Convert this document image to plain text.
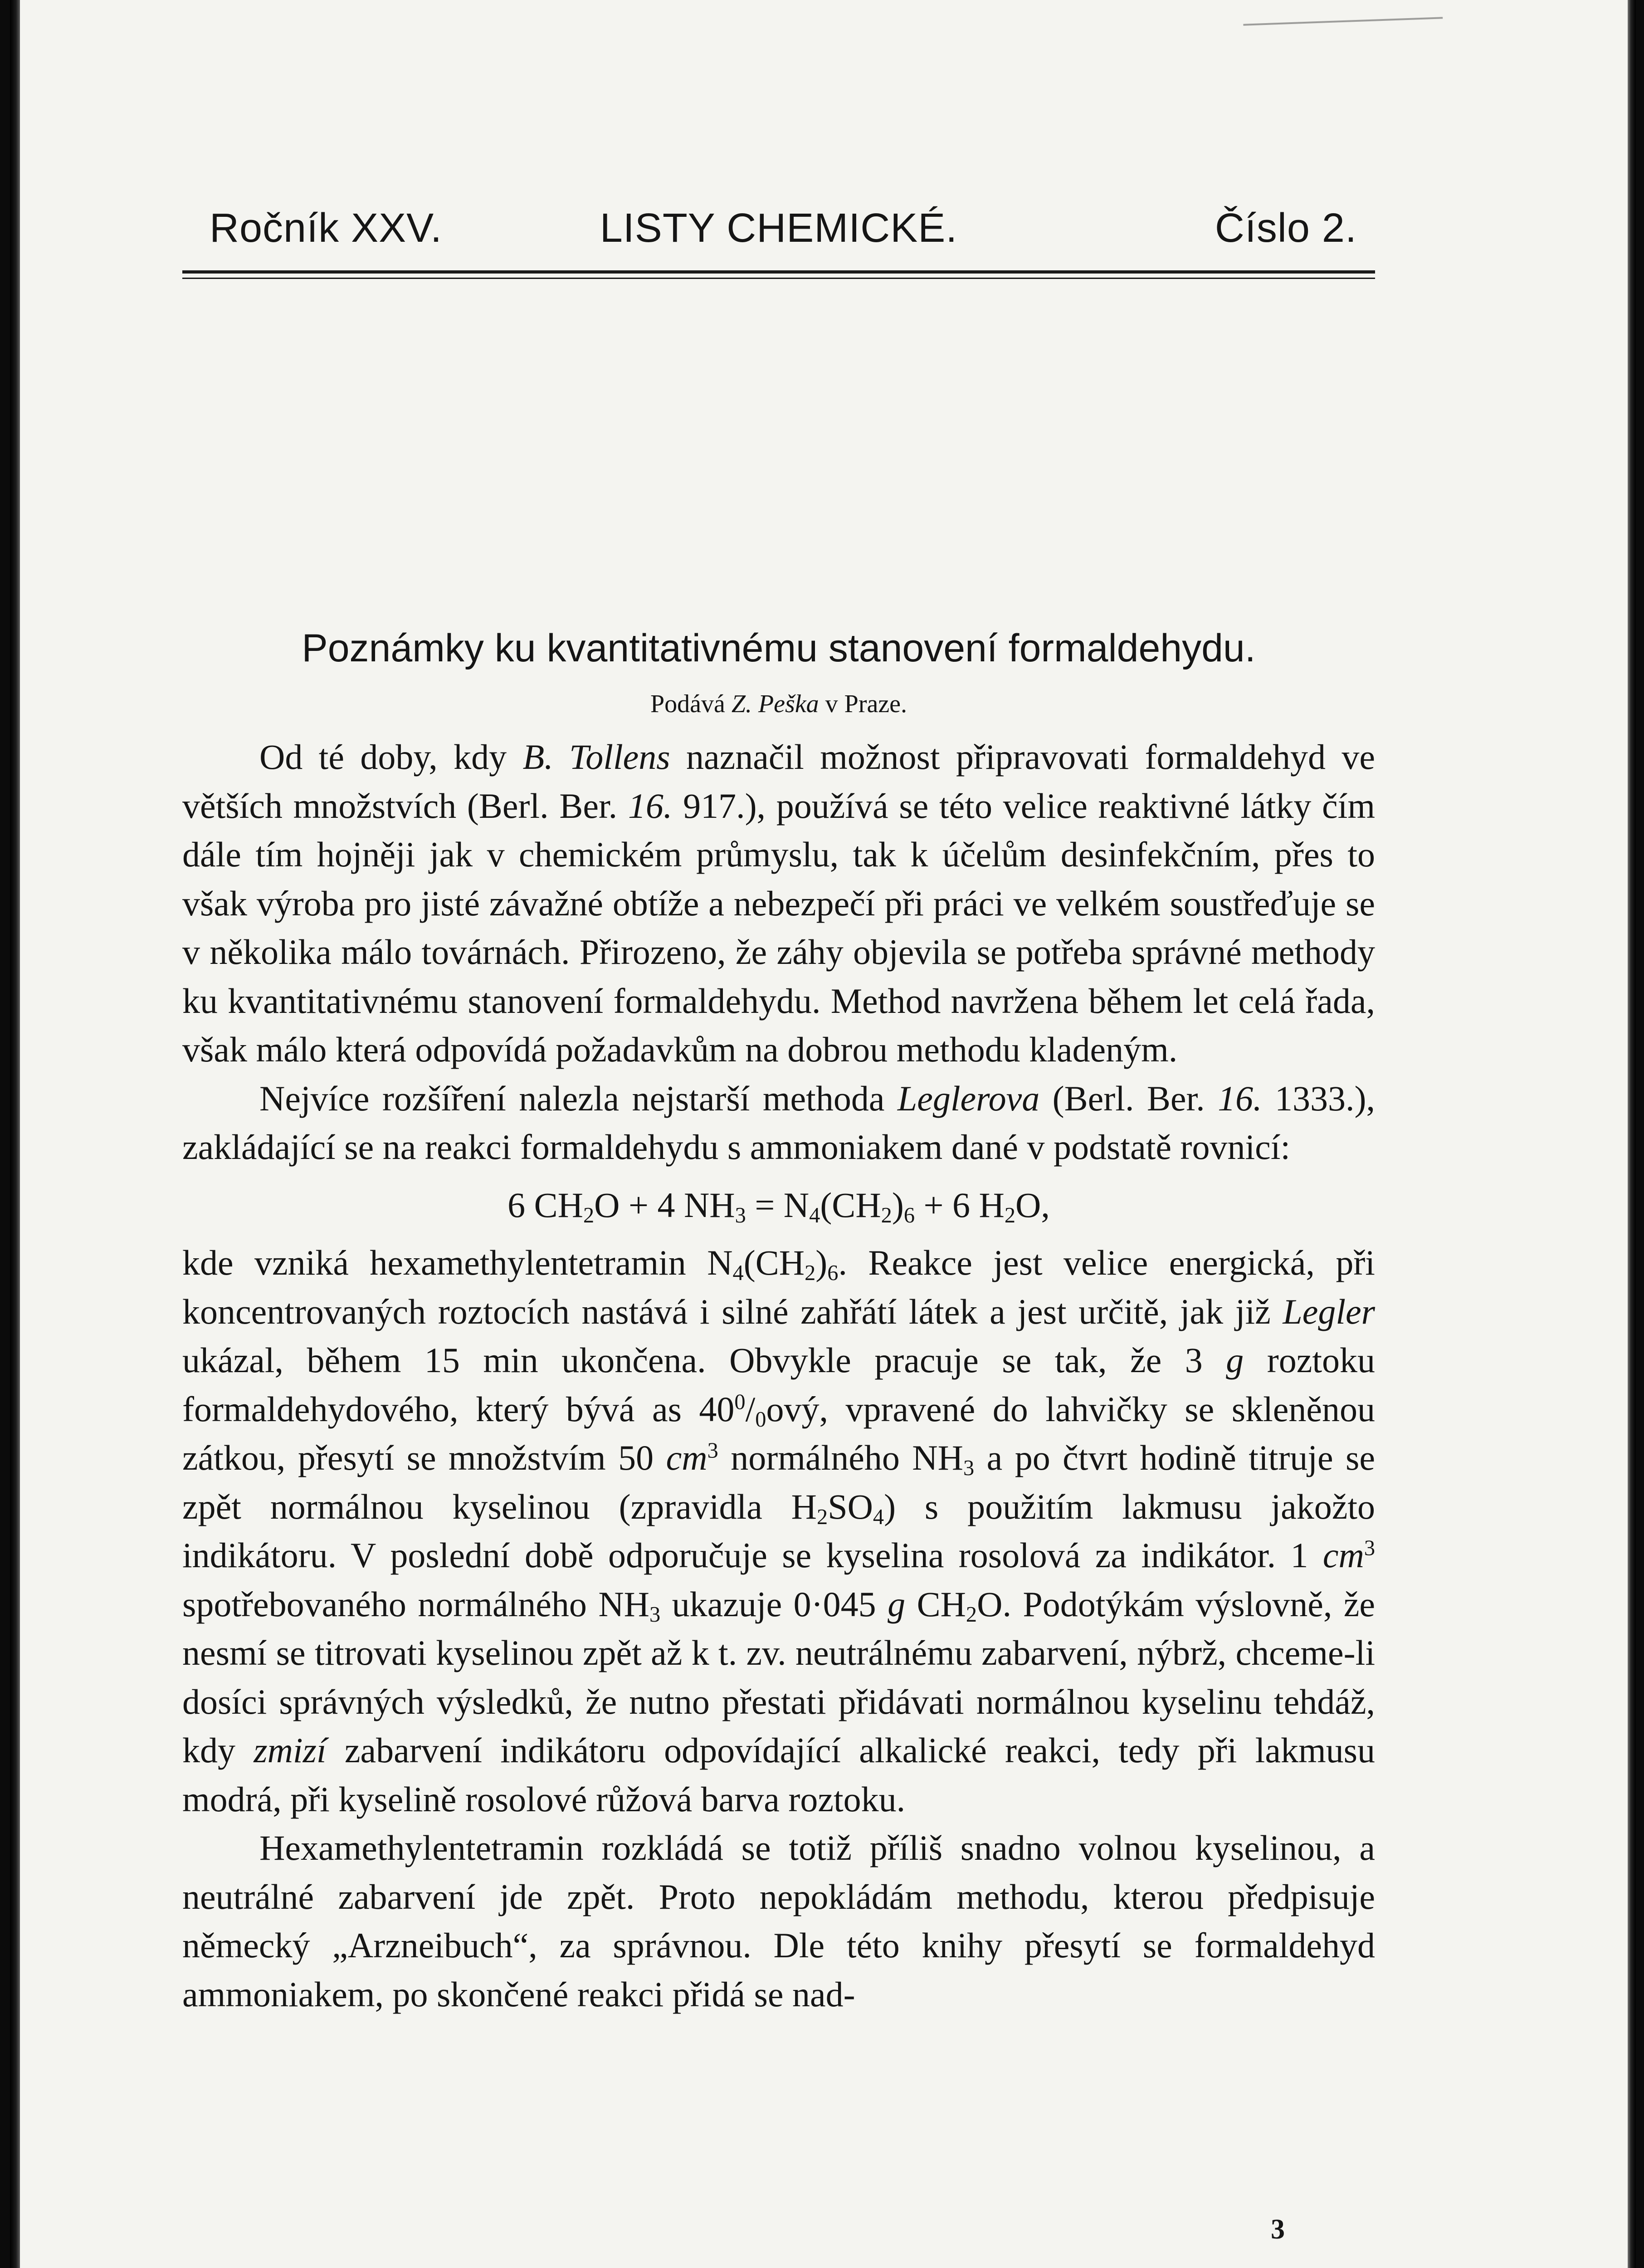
Ročník XXV.	LISTY CHEMICKÉ.	Číslo 2.
Poznámky ku kvantitativnému stanovení formaldehydu.
Podává Z. Peška v Praze.

Od té doby, kdy B. Tollens naznačil možnost připravovati formaldehyd ve větších množstvích (Berl. Ber. 16. 917.), používá se této velice reaktivné látky čím dále tím hojněji jak v chemickém průmyslu, tak k účelům desinfekčním, přes to však výroba pro jisté závažné obtíže a nebezpečí při práci ve velkém soustřeďuje se v několika málo továrnách. Přirozeno, že záhy objevila se potřeba správné methody ku kvantitativnému stanovení formaldehydu. Method navržena během let celá řada, však málo která odpovídá požadavkům na dobrou methodu kladeným.

Nejvíce rozšíření nalezla nejstarší methoda Leglerova (Berl. Ber. 16. 1333.), zakládající se na reakci formaldehydu s ammoniakem dané v podstatě rovnicí:

6 $CH_2O + 4$ $NH_3 = N_4(CH_2)_6 + 6$ $H_2O$,

kde vzniká hexamethylentetramin $N_4(CH_2)_6$. Reakce jest velice energická, při koncentrovaných roztocích nastává i silné zahřátí látek a jest určitě, jak již Legler ukázal, během 15 min ukončena. Obvykle pracuje se tak, že 3 g roztoku formaldehydového, který bývá as $40^0/_0ový$, vpravené do lahvičky se skleněnou zátkou, přesytí se množstvím 50 $cm^3$ normálného $NH_3$ a po čtvrt hodině titruje se zpět normálnou kyselinou (zpravidla $H_2SO_4$) s použitím lakmusu jakožto indikátoru. V poslední době odporučuje se kyselina rosolová za indikátor. 1 $cm^3$ spotřebovaného normálného $NH_3$ ukazuje 0·045 g $CH_2O$. Podotýkám výslovně, že nesmí se titrovati kyselinou zpět až k t. zv. neutrálnému zabarvení, nýbrž, chceme-li dosíci správných výsledků, že nutno přestati přidávati normálnou kyselinu tehdáž, kdy zmizí zabarvení indikátoru odpovídající alkalické reakci, tedy při lakmusu modrá, při kyselině rosolové růžová barva roztoku.

Hexamethylentetramin rozkládá se totiž příliš snadno volnou kyselinou, a neutrálné zabarvení jde zpět. Proto nepokládám methodu, kterou předpisuje německý „Arzneibuch“, za správnou. Dle této knihy přesytí se formaldehyd ammoniakem, po skončené reakci přidá se nad-

3
